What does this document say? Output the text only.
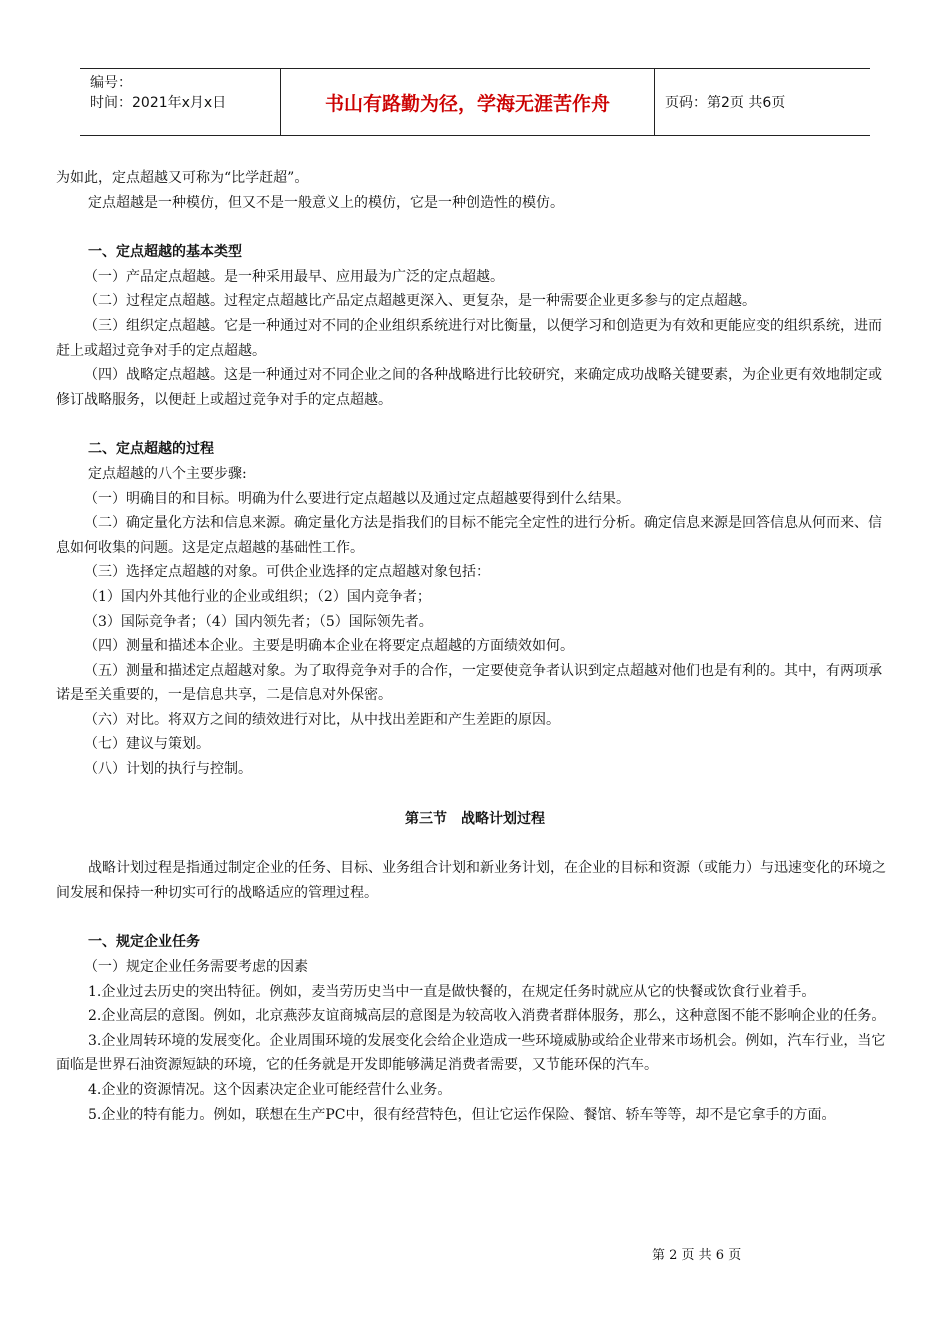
编号：
时间：2021年x月x日	书山有路勤为径，学海无涯苦作舟	页码：第2页 共6页

为如此，定点超越又可称为“比学赶超”。

定点超越是一种模仿，但又不是一般意义上的模仿，它是一种创造性的模仿。

一、定点超越的基本类型

（一）产品定点超越。是一种采用最早、应用最为广泛的定点超越。

（二）过程定点超越。过程定点超越比产品定点超越更深入、更复杂，是一种需要企业更多参与的定点超越。

（三）组织定点超越。它是一种通过对不同的企业组织系统进行对比衡量，以便学习和创造更为有效和更能应变的组织系统，进而赶上或超过竞争对手的定点超越。

（四）战略定点超越。这是一种通过对不同企业之间的各种战略进行比较研究，来确定成功战略关键要素，为企业更有效地制定或修订战略服务，以便赶上或超过竞争对手的定点超越。

二、定点超越的过程

定点超越的八个主要步骤:

（一）明确目的和目标。明确为什么要进行定点超越以及通过定点超越要得到什么结果。

（二）确定量化方法和信息来源。确定量化方法是指我们的目标不能完全定性的进行分析。确定信息来源是回答信息从何而来、信息如何收集的问题。这是定点超越的基础性工作。

（三）选择定点超越的对象。可供企业选择的定点超越对象包括：

（1）国内外其他行业的企业或组织；（2）国内竞争者；

（3）国际竞争者；（4）国内领先者；（5）国际领先者。

（四）测量和描述本企业。主要是明确本企业在将要定点超越的方面绩效如何。

（五）测量和描述定点超越对象。为了取得竞争对手的合作，一定要使竞争者认识到定点超越对他们也是有利的。其中，有两项承诺是至关重要的，一是信息共享，二是信息对外保密。

（六）对比。将双方之间的绩效进行对比，从中找出差距和产生差距的原因。

（七）建议与策划。

（八）计划的执行与控制。

第三节　战略计划过程

战略计划过程是指通过制定企业的任务、目标、业务组合计划和新业务计划，在企业的目标和资源（或能力）与迅速变化的环境之间发展和保持一种切实可行的战略适应的管理过程。

一、规定企业任务

（一）规定企业任务需要考虑的因素

1.企业过去历史的突出特征。例如，麦当劳历史当中一直是做快餐的，在规定任务时就应从它的快餐或饮食行业着手。

2.企业高层的意图。例如，北京燕莎友谊商城高层的意图是为较高收入消费者群体服务，那么，这种意图不能不影响企业的任务。

3.企业周转环境的发展变化。企业周围环境的发展变化会给企业造成一些环境威胁或给企业带来市场机会。例如，汽车行业，当它面临是世界石油资源短缺的环境，它的任务就是开发即能够满足消费者需要，又节能环保的汽车。

4.企业的资源情况。这个因素决定企业可能经营什么业务。

5.企业的特有能力。例如，联想在生产PC中，很有经营特色，但让它运作保险、餐馆、轿车等等，却不是它拿手的方面。

第 2 页 共 6 页
